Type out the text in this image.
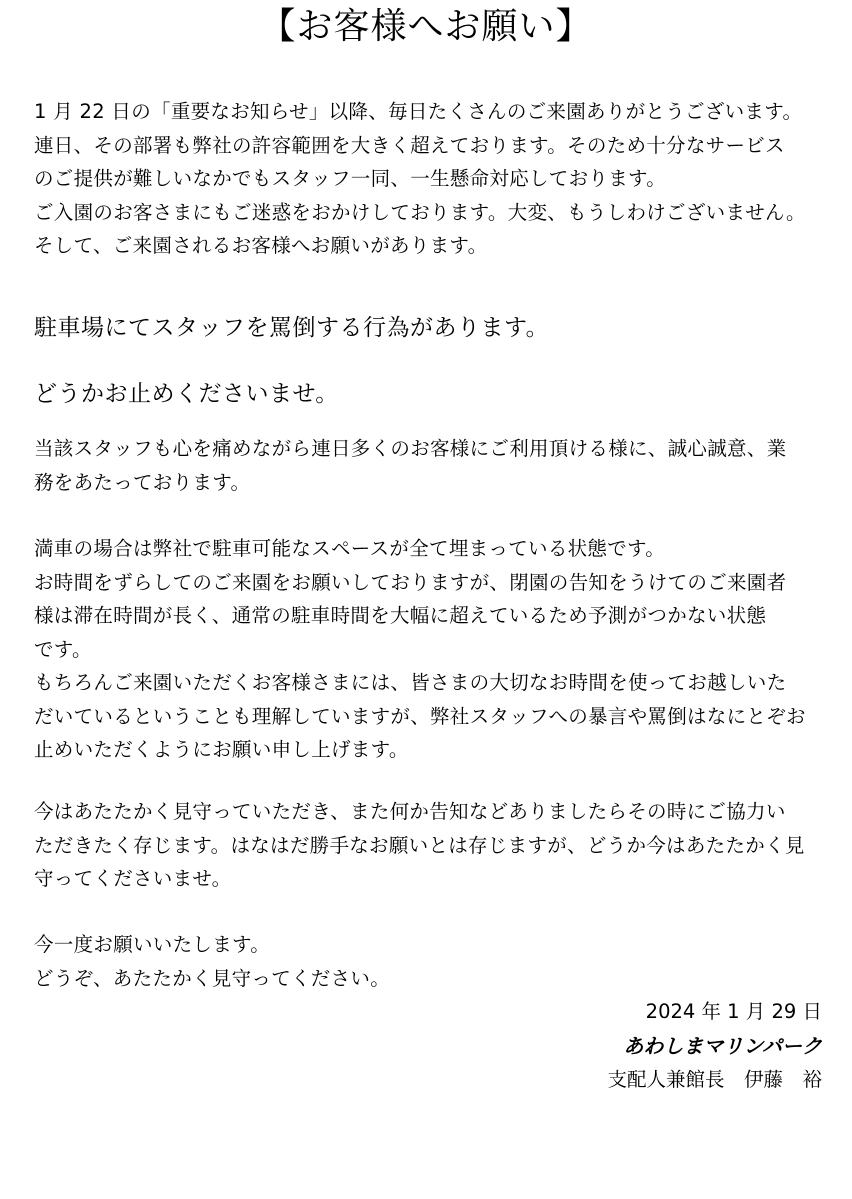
【お客様へお願い】

1 月 22 日の「重要なお知らせ」以降、毎日たくさんのご来園ありがとうございます。
連日、その部署も弊社の許容範囲を大きく超えております。そのため十分なサービス
のご提供が難しいなかでもスタッフ一同、一生懸命対応しております。
ご入園のお客さまにもご迷惑をおかけしております。大変、もうしわけございません。
そして、ご来園されるお客様へお願いがあります。

駐車場にてスタッフを罵倒する行為があります。

どうかお止めくださいませ。

当該スタッフも心を痛めながら連日多くのお客様にご利用頂ける様に、誠心誠意、業
務をあたっております。

満車の場合は弊社で駐車可能なスペースが全て埋まっている状態です。
お時間をずらしてのご来園をお願いしておりますが、閉園の告知をうけてのご来園者
様は滞在時間が長く、通常の駐車時間を大幅に超えているため予測がつかない状態
です。
もちろんご来園いただくお客様さまには、皆さまの大切なお時間を使ってお越しいた
だいているということも理解していますが、弊社スタッフへの暴言や罵倒はなにとぞお
止めいただくようにお願い申し上げます。

今はあたたかく見守っていただき、また何か告知などありましたらその時にご協力い
ただきたく存じます。はなはだ勝手なお願いとは存じますが、どうか今はあたたかく見
守ってくださいませ。

今一度お願いいたします。
どうぞ、あたたかく見守ってください。

2024 年 1 月 29 日

あわしまマリンパーク

支配人兼館長　伊藤　裕
